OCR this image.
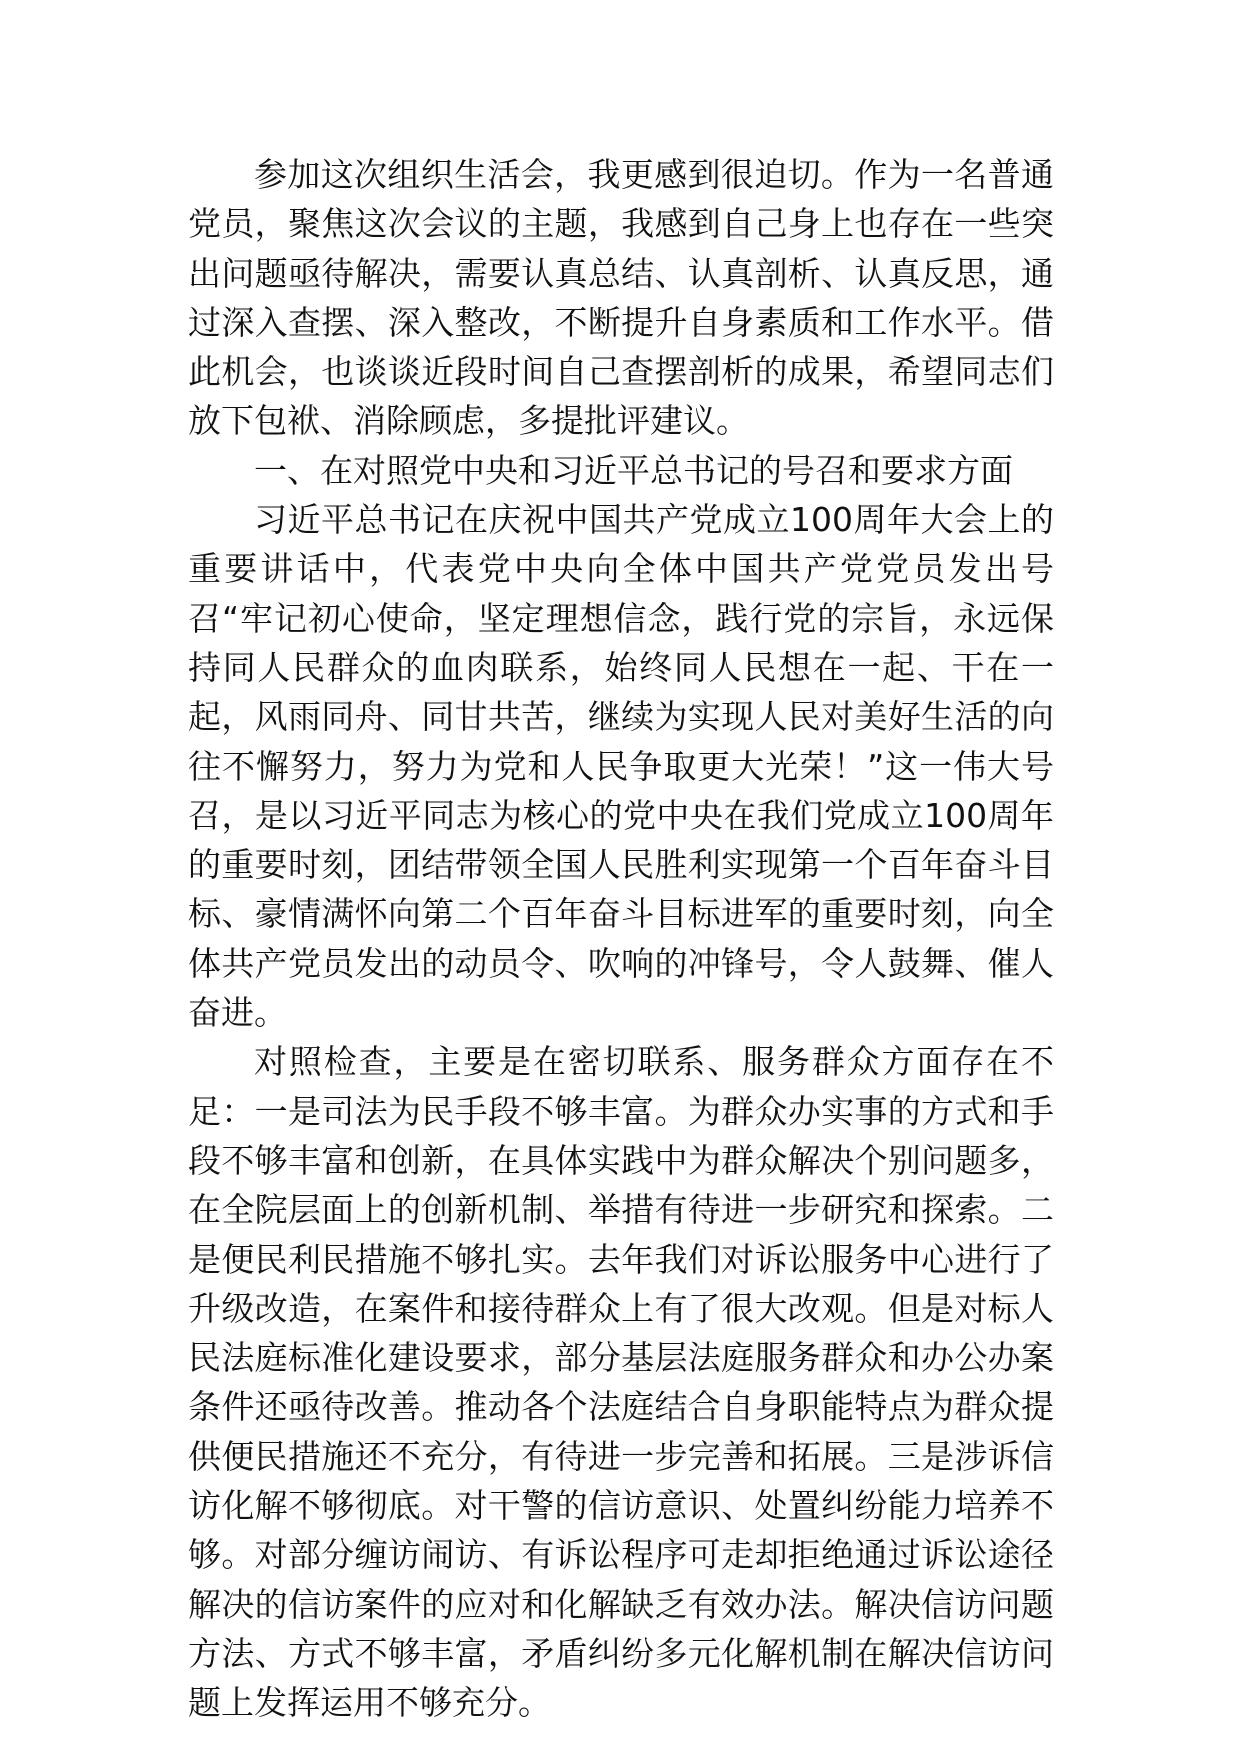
参加这次组织生活会，我更感到很迫切。作为一名普通党员，聚焦这次会议的主题，我感到自己身上也存在一些突出问题亟待解决，需要认真总结、认真剖析、认真反思，通过深入查摆、深入整改，不断提升自身素质和工作水平。借此机会，也谈谈近段时间自己查摆剖析的成果，希望同志们放下包袱、消除顾虑，多提批评建议。

一、在对照党中央和习近平总书记的号召和要求方面

习近平总书记在庆祝中国共产党成立100周年大会上的重要讲话中，代表党中央向全体中国共产党党员发出号召“牢记初心使命，坚定理想信念，践行党的宗旨，永远保持同人民群众的血肉联系，始终同人民想在一起、干在一起，风雨同舟、同甘共苦，继续为实现人民对美好生活的向往不懈努力，努力为党和人民争取更大光荣！”这一伟大号召，是以习近平同志为核心的党中央在我们党成立100周年的重要时刻，团结带领全国人民胜利实现第一个百年奋斗目标、豪情满怀向第二个百年奋斗目标进军的重要时刻，向全体共产党员发出的动员令、吹响的冲锋号，令人鼓舞、催人奋进。

对照检查，主要是在密切联系、服务群众方面存在不足：一是司法为民手段不够丰富。为群众办实事的方式和手段不够丰富和创新，在具体实践中为群众解决个别问题多，在全院层面上的创新机制、举措有待进一步研究和探索。二是便民利民措施不够扎实。去年我们对诉讼服务中心进行了升级改造，在案件和接待群众上有了很大改观。但是对标人民法庭标准化建设要求，部分基层法庭服务群众和办公办案条件还亟待改善。推动各个法庭结合自身职能特点为群众提供便民措施还不充分，有待进一步完善和拓展。三是涉诉信访化解不够彻底。对干警的信访意识、处置纠纷能力培养不够。对部分缠访闹访、有诉讼程序可走却拒绝通过诉讼途径解决的信访案件的应对和化解缺乏有效办法。解决信访问题方法、方式不够丰富，矛盾纠纷多元化解机制在解决信访问题上发挥运用不够充分。
